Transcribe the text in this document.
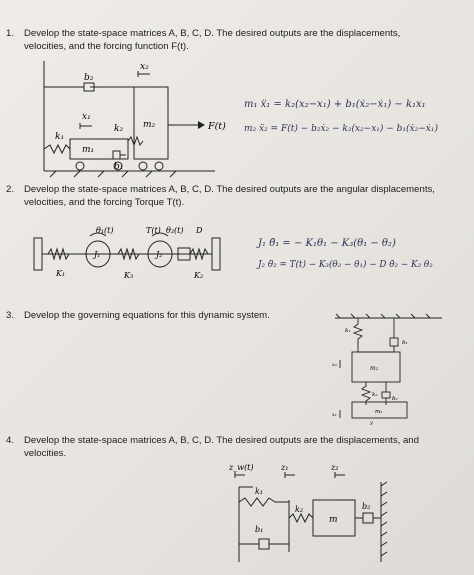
1.	Develop the state-space matrices A, B, C, D. The desired outputs are the displacements,
velocities, and the forcing function F(t).
b₂
x₂
x₁
m₂
k₁
k₂
m₁
b₁
F(t)
m₁ ẍ₁ = k₂(x₂−x₁) + b₁(ẋ₂−ẋ₁) − k₁x₁
m₂ ẍ₂ = F(t) − b₂ẋ₂ − k₂(x₂−x₁) − b₁(ẋ₂−ẋ₁)
2.	Develop the state-space matrices A, B, C, D. The desired outputs are the angular displacements,
velocities, and the forcing Torque T(t).
θ₁(t)	T(t) θ₂(t) D
J₁	J₂
K₁	K₃	K₂
J₁ θ̈₁ = − K₁θ₁ − K₃(θ₁ − θ₂)
J₂ θ̈₂ = T(t) − K₃(θ₂ − θ₁) − D θ̇₂ − K₂ θ₂
3.	Develop the governing equations for this dynamic system.
k₁
b₁
m₂
k₂
b₂
m₁
x₂
x₁
y
4.	Develop the state-space matrices A, B, C, D. The desired outputs are the displacements, and
velocities.
z_w(t)	z₁	z₂
k₁
k₂
b₁
b₂
m
